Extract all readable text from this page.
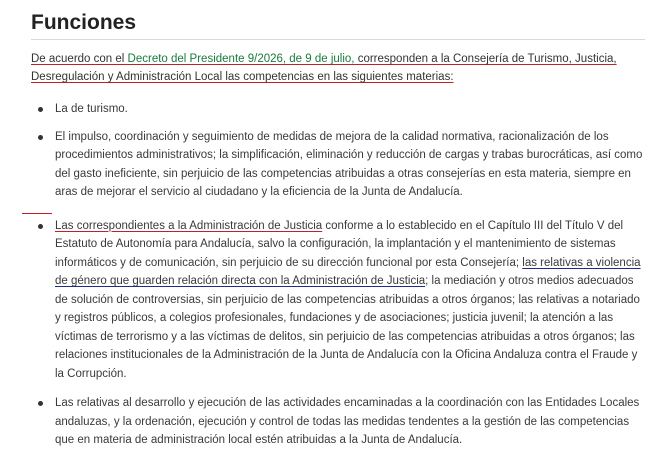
Funciones

De acuerdo con el Decreto del Presidente 9/2026, de 9 de julio, corresponden a la Consejería de Turismo, Justicia, Desregulación y Administración Local las competencias en las siguientes materias:

La de turismo.
El impulso, coordinación y seguimiento de medidas de mejora de la calidad normativa, racionalización de los procedimientos administrativos; la simplificación, eliminación y reducción de cargas y trabas burocráticas, así como del gasto ineficiente, sin perjuicio de las competencias atribuidas a otras consejerías en esta materia, siempre en aras de mejorar el servicio al ciudadano y la eficiencia de la Junta de Andalucía.
Las correspondientes a la Administración de Justicia conforme a lo establecido en el Capítulo III del Título V del Estatuto de Autonomía para Andalucía, salvo la configuración, la implantación y el mantenimiento de sistemas informáticos y de comunicación, sin perjuicio de su dirección funcional por esta Consejería; las relativas a violencia de género que guarden relación directa con la Administración de Justicia; la mediación y otros medios adecuados de solución de controversias, sin perjuicio de las competencias atribuidas a otros órganos; las relativas a notariado y registros públicos, a colegios profesionales, fundaciones y de asociaciones; justicia juvenil; la atención a las víctimas de terrorismo y a las víctimas de delitos, sin perjuicio de las competencias atribuidas a otros órganos; las relaciones institucionales de la Administración de la Junta de Andalucía con la Oficina Andaluza contra el Fraude y la Corrupción.
Las relativas al desarrollo y ejecución de las actividades encaminadas a la coordinación con las Entidades Locales andaluzas, y la ordenación, ejecución y control de todas las medidas tendentes a la gestión de las competencias que en materia de administración local estén atribuidas a la Junta de Andalucía.
